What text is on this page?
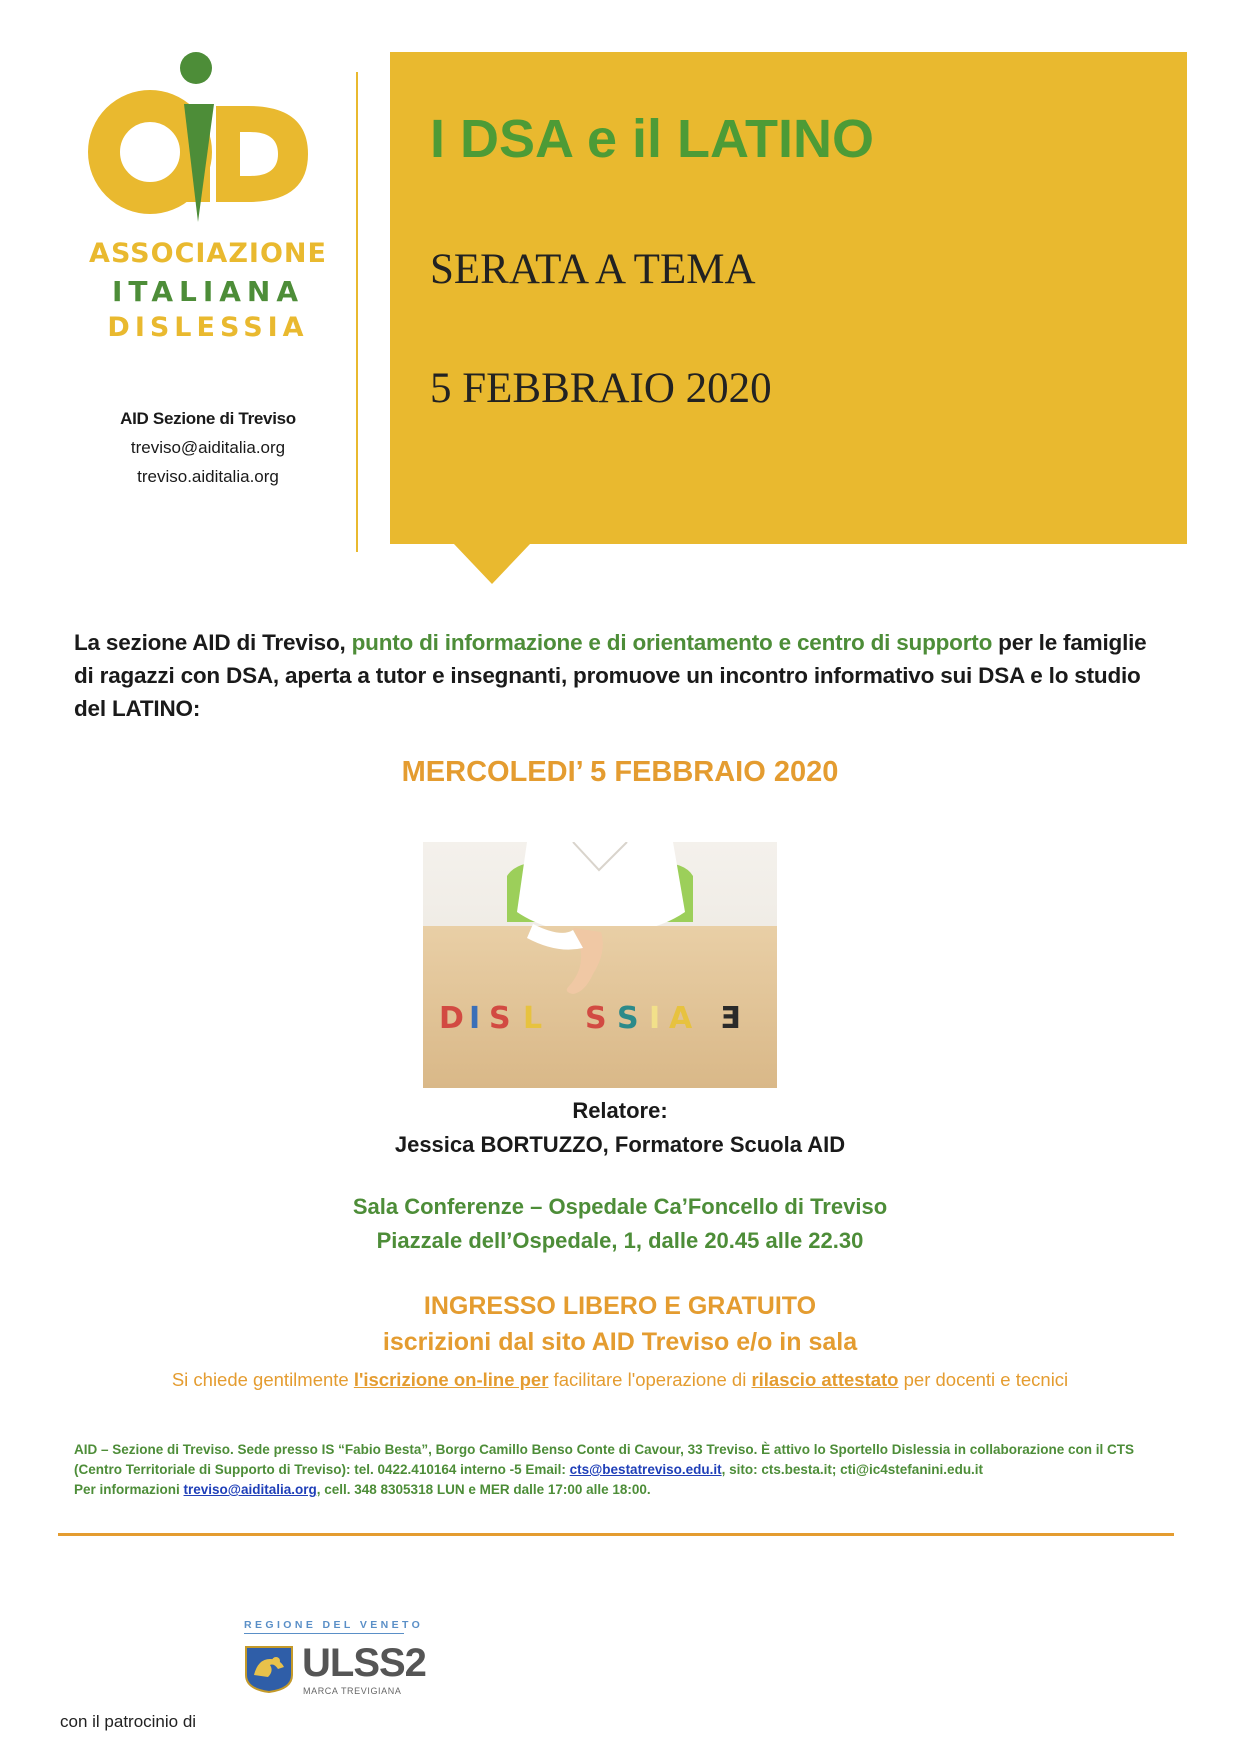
ASSOCIAZIONE
ITALIANA
DISLESSIA
AID Sezione di Treviso
treviso@aiditalia.org
treviso.aiditalia.org
I DSA e il LATINO
SERATA A TEMA
5 FEBBRAIO 2020
La sezione AID di Treviso, punto di informazione e di orientamento e centro di supporto per le famiglie di ragazzi con DSA, aperta a tutor e insegnanti, promuove un incontro informativo sui DSA e lo studio del LATINO:
MERCOLEDI’ 5 FEBBRAIO 2020
D I S L	E
S S I A
Relatore:
Jessica BORTUZZO, Formatore Scuola AID
Sala Conferenze – Ospedale Ca’Foncello di Treviso
Piazzale dell’Ospedale, 1, dalle 20.45 alle 22.30
INGRESSO LIBERO E GRATUITO
iscrizioni dal sito AID Treviso e/o in sala
Si chiede gentilmente l'iscrizione on-line per facilitare l'operazione di rilascio attestato per docenti e tecnici
AID – Sezione di Treviso. Sede presso IS “Fabio Besta”, Borgo Camillo Benso Conte di Cavour, 33 Treviso. È attivo lo Sportello Dislessia in collaborazione con il CTS (Centro Territoriale di Supporto di Treviso): tel. 0422.410164 interno -5 Email: cts@bestatreviso.edu.it, sito: cts.besta.it; cti@ic4stefanini.edu.it
Per informazioni treviso@aiditalia.org, cell. 348 8305318 LUN e MER dalle 17:00 alle 18:00.
con il patrocinio di
REGIONE DEL VENETO
ULSS2
MARCA TREVIGIANA
